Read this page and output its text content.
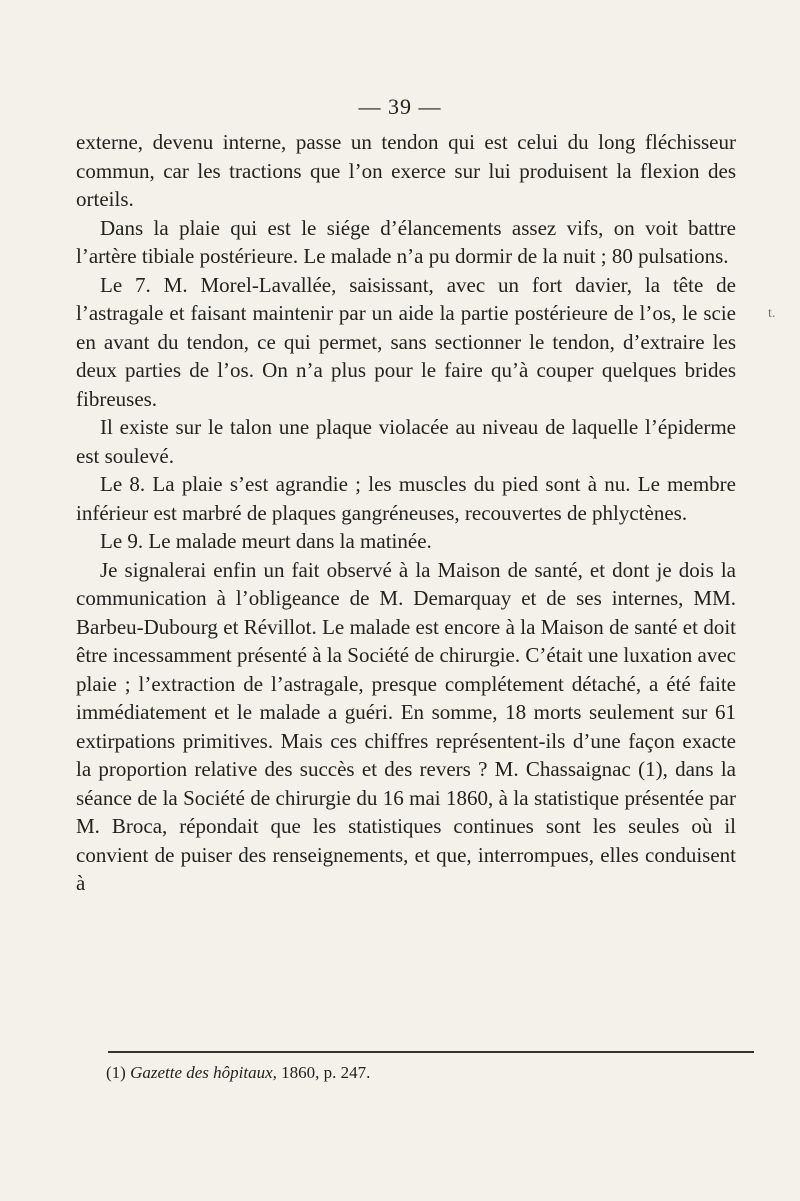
— 39 —
t.

externe, devenu interne, passe un tendon qui est celui du long fléchisseur commun, car les tractions que l’on exerce sur lui produisent la flexion des orteils.

Dans la plaie qui est le siége d’élancements assez vifs, on voit battre l’artère tibiale postérieure. Le malade n’a pu dormir de la nuit ; 80 pulsations.

Le 7. M. Morel-Lavallée, saisissant, avec un fort davier, la tête de l’astragale et faisant maintenir par un aide la partie postérieure de l’os, le scie en avant du tendon, ce qui permet, sans sectionner le tendon, d’extraire les deux parties de l’os. On n’a plus pour le faire qu’à couper quelques brides fibreuses.

Il existe sur le talon une plaque violacée au niveau de laquelle l’épiderme est soulevé.

Le 8. La plaie s’est agrandie ; les muscles du pied sont à nu. Le membre inférieur est marbré de plaques gangréneuses, recouvertes de phlyctènes.

Le 9. Le malade meurt dans la matinée.

Je signalerai enfin un fait observé à la Maison de santé, et dont je dois la communication à l’obligeance de M. Demarquay et de ses internes, MM. Barbeu-Dubourg et Révillot. Le malade est encore à la Maison de santé et doit être incessamment présenté à la Société de chirurgie. C’était une luxation avec plaie ; l’extraction de l’astragale, presque complétement détaché, a été faite immédiatement et le malade a guéri. En somme, 18 morts seulement sur 61 extirpations primitives. Mais ces chiffres représentent-ils d’une façon exacte la proportion relative des succès et des revers ? M. Chassaignac (1), dans la séance de la Société de chirurgie du 16 mai 1860, à la statistique présentée par M. Broca, répondait que les statistiques continues sont les seules où il convient de puiser des renseignements, et que, interrompues, elles conduisent à

(1) Gazette des hôpitaux, 1860, p. 247.
